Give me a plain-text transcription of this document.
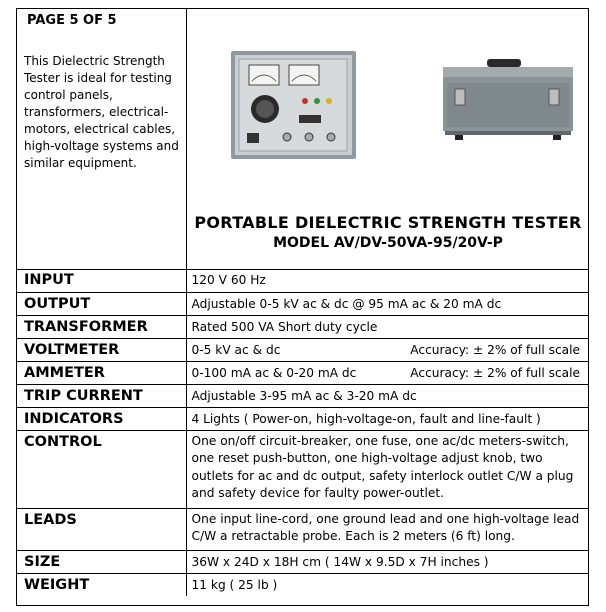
PAGE 5 OF 5
This Dielectric Strength Tester is ideal for testing control panels, transformers, electrical-motors, electrical cables, high-voltage systems and similar equipment.
PORTABLE DIELECTRIC STRENGTH TESTER
MODEL AV/DV-50VA-95/20V-P
INPUT	120 V 60 Hz
OUTPUT	Adjustable 0-5 kV ac & dc @ 95 mA ac & 20 mA dc
TRANSFORMER	Rated 500 VA Short duty cycle
VOLTMETER	0-5 kV ac & dc Accuracy: ± 2% of full scale

AMMETER	0-100 mA ac & 0-20 mA dc Accuracy: ± 2% of full scale

TRIP CURRENT	Adjustable 3-95 mA ac & 3-20 mA dc
INDICATORS	4 Lights ( Power-on, high-voltage-on, fault and line-fault )
CONTROL	One on/off circuit-breaker, one fuse, one ac/dc meters-switch, one reset push-button, one high-voltage adjust knob, two outlets for ac and dc output, safety interlock outlet C/W a plug and safety device for faulty power-outlet.
LEADS	One input line-cord, one ground lead and one high-voltage lead C/W a retractable probe. Each is 2 meters (6 ft) long.
SIZE	36W x 24D x 18H cm ( 14W x 9.5D x 7H inches )
WEIGHT	11 kg ( 25 lb )
